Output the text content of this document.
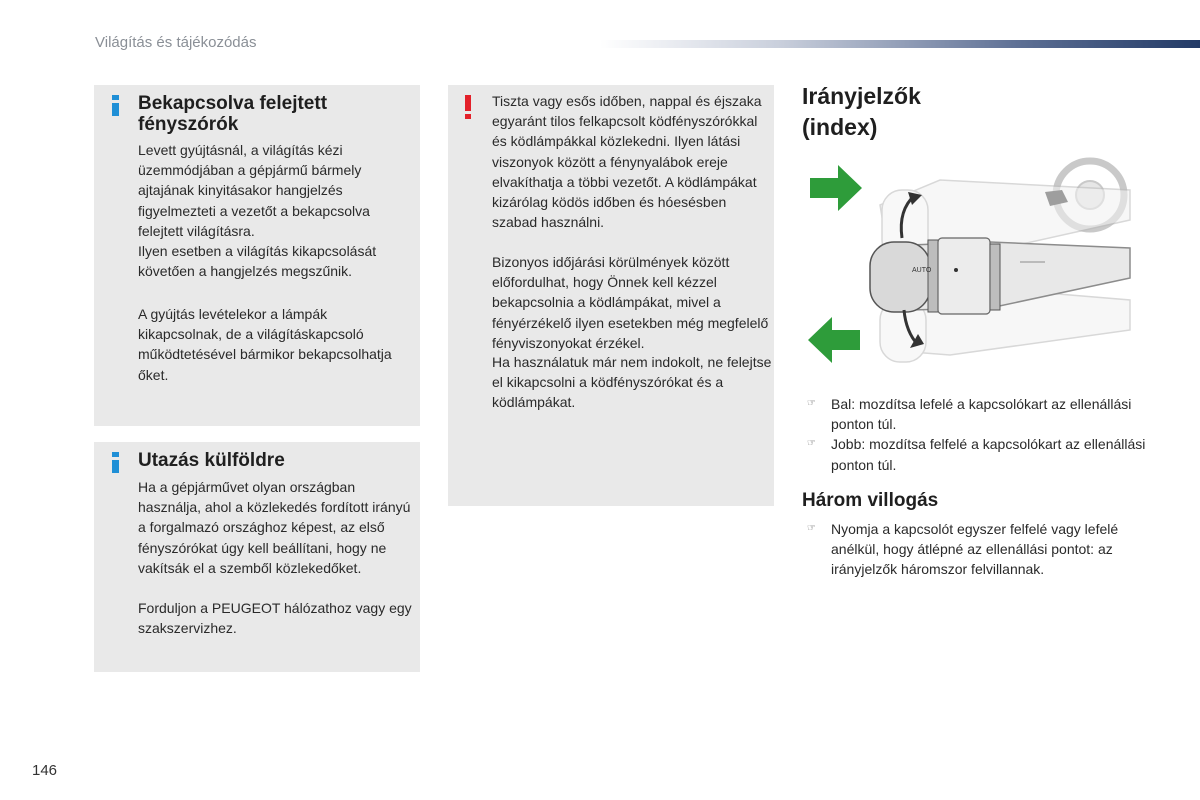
Világítás és tájékozódás
Bekapcsolva felejtett fényszórók
Levett gyújtásnál, a világítás kézi üzemmódjában a gépjármű bármely ajtajának kinyitásakor hangjelzés figyelmezteti a vezetőt a bekapcsolva felejtett világításra.
Ilyen esetben a világítás kikapcsolását követően a hangjelzés megszűnik.
A gyújtás levételekor a lámpák kikapcsolnak, de a világításkapcsoló működtetésével bármikor bekapcsolhatja őket.
Utazás külföldre
Ha a gépjárművet olyan országban használja, ahol a közlekedés fordított irányú a forgalmazó országhoz képest, az első fényszórókat úgy kell beállítani, hogy ne vakítsák el a szemből közlekedőket.
Forduljon a PEUGEOT hálózathoz vagy egy szakszervizhez.
Tiszta vagy esős időben, nappal és éjszaka egyaránt tilos felkapcsolt ködfényszórókkal és ködlámpákkal közlekedni. Ilyen látási viszonyok között a fénynyalábok ereje elvakíthatja a többi vezetőt. A ködlámpákat kizárólag ködös időben és hóesésben szabad használni.
Bizonyos időjárási körülmények között előfordulhat, hogy Önnek kell kézzel bekapcsolnia a ködlámpákat, mivel a fényérzékelő ilyen esetekben még megfelelő fényviszonyokat érzékel.
Ha használatuk már nem indokolt, ne felejtse el kikapcsolni a ködfényszórókat és a ködlámpákat.
Irányjelzők (index)
AUTO
☞ Bal: mozdítsa lefelé a kapcsolókart az ellenállási ponton túl.
☞ Jobb: mozdítsa felfelé a kapcsolókart az ellenállási ponton túl.
Három villogás
☞ Nyomja a kapcsolót egyszer felfelé vagy lefelé anélkül, hogy átlépné az ellenállási pontot: az irányjelzők háromszor felvillannak.
146
